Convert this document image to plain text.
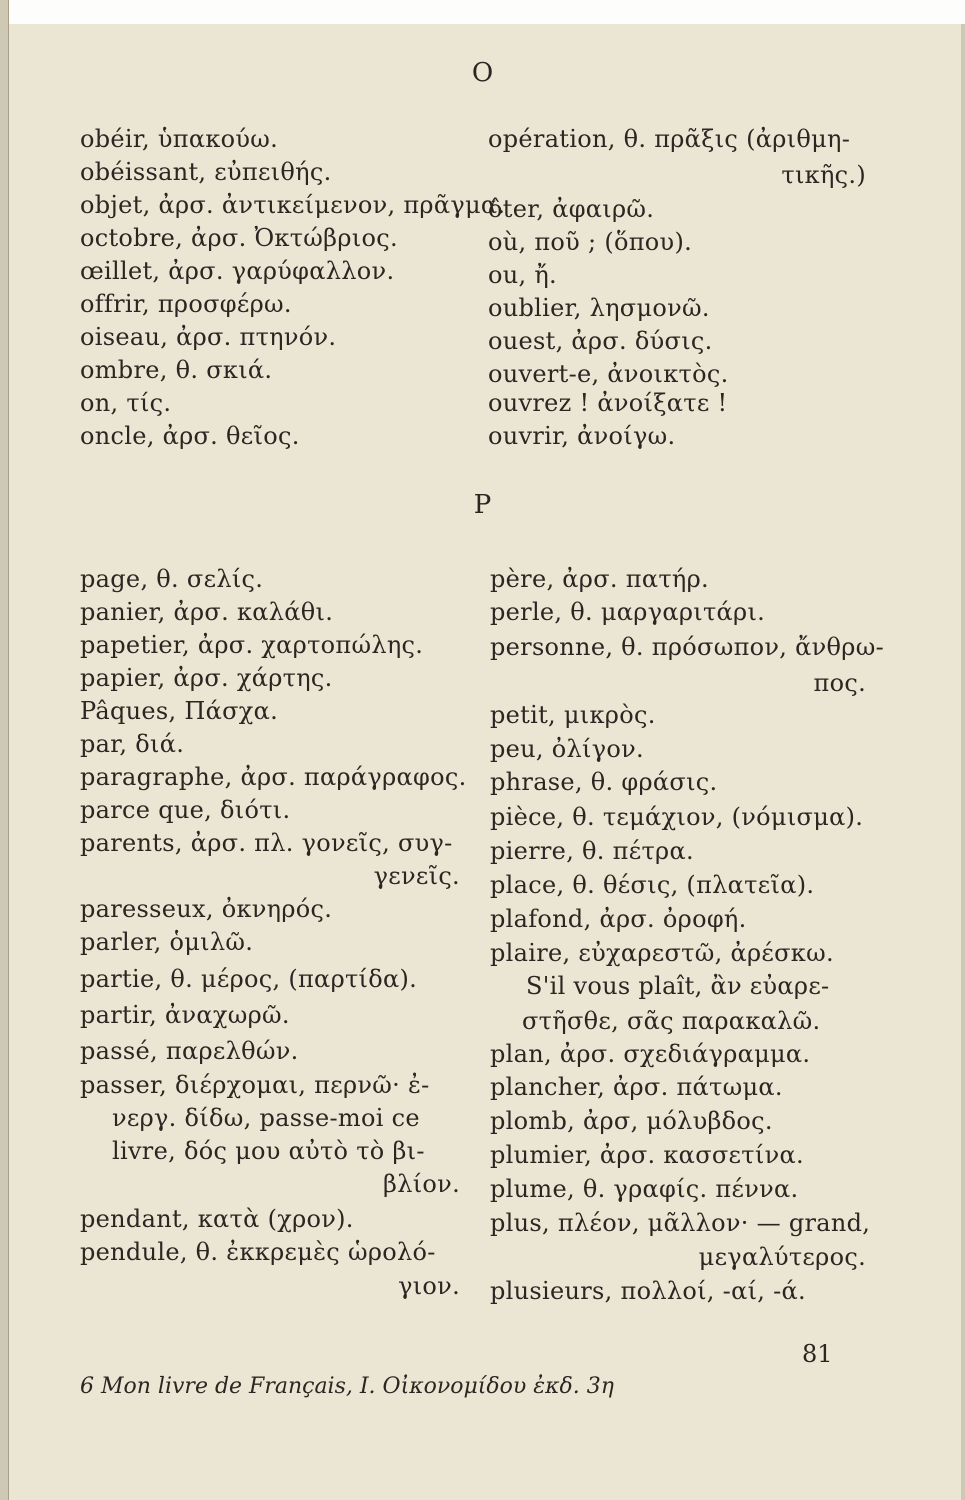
O
obéir, ὑπακούω.
obéissant, εὐπειθής.
objet, ἀρσ. ἀντικείμενον, πρᾶγμα.
octobre, ἀρσ. Ὀκτώβριος.
œillet, ἀρσ. γαρύφαλλον.
offrir, προσφέρω.
oiseau, ἀρσ. πτηνόν.
ombre, θ. σκιά.
on, τίς.
oncle, ἀρσ. θεῖος.
opération, θ. πρᾶξις (ἀριθμη-
τικῆς.)
ôter, ἀφαιρῶ.
où, ποῦ ; (ὅπου).
ou, ἤ.
oublier, λησμονῶ.
ouest, ἀρσ. δύσις.
ouvert-e, ἀνοικτὸς.
ouvrez ! ἀνοίξατε !
ouvrir, ἀνοίγω.
P
page, θ. σελίς.
panier, ἀρσ. καλάθι.
papetier, ἀρσ. χαρτοπώλης.
papier, ἀρσ. χάρτης.
Pâques, Πάσχα.
par, διά.
paragraphe, ἀρσ. παράγραφος.
parce que, διότι.
parents, ἀρσ. πλ. γονεῖς, συγ-
γενεῖς.
paresseux, ὀκνηρός.
parler, ὁμιλῶ.
partie, θ. μέρος, (παρτίδα).
partir, ἀναχωρῶ.
passé, παρελθών.
passer, διέρχομαι, περνῶ· ἐ-
νεργ. δίδω, passe-moi ce
livre, δός μου αὐτὸ τὸ βι-
βλίον.
pendant, κατὰ (χρον).
pendule, θ. ἐκκρεμὲς ὡρολό-
γιον.
père, ἀρσ. πατήρ.
perle, θ. μαργαριτάρι.
personne, θ. πρόσωπον, ἄνθρω-
πος.
petit, μικρὸς.
peu, ὀλίγον.
phrase, θ. φράσις.
pièce, θ. τεμάχιον, (νόμισμα).
pierre, θ. πέτρα.
place, θ. θέσις, (πλατεῖα).
plafond, ἀρσ. ὀροφή.
plaire, εὐχαρεστῶ, ἀρέσκω.
S'il vous plaît, ἂν εὐαρε-
στῆσθε, σᾶς παρακαλῶ.
plan, ἀρσ. σχεδιάγραμμα.
plancher, ἀρσ. πάτωμα.
plomb, ἀρσ, μόλυβδος.
plumier, ἀρσ. κασσετίνα.
plume, θ. γραφίς. πέννα.
plus, πλέον, μᾶλλον· — grand,
μεγαλύτερος.
plusieurs, πολλοί, -αί, -ά.
81
6 Mon livre de Français, I. Οἰκονομίδου ἐκδ. 3η
